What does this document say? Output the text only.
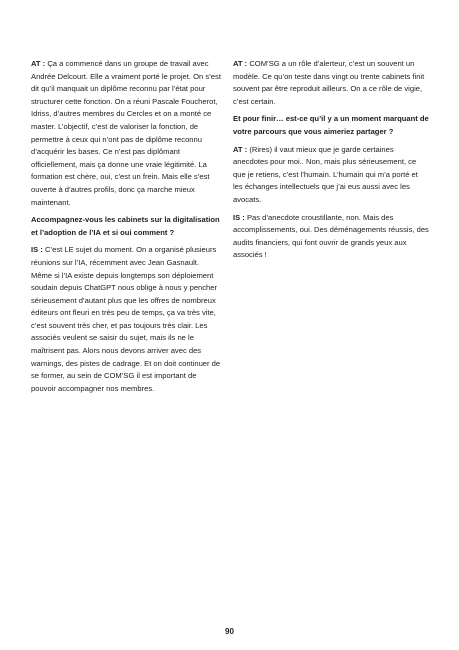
AT : Ça a commencé dans un groupe de travail avec Andrée Delcourt. Elle a vraiment porté le projet. On s’est dit qu’il manquait un diplôme reconnu par l’état pour structurer cette fonction. On a réuni Pascale Foucherot, Idriss, d’autres membres du Cercles et on a monté ce master. L’objectif, c’est de valoriser la fonction, de permettre à ceux qui n’ont pas de diplôme reconnu d’acquérir les bases. Ce n’est pas diplômant officiellement, mais ça donne une vraie légitimité. La formation est chère, oui, c’est un frein. Mais elle s’est ouverte à d’autres profils, donc ça marche mieux maintenant.

Accompagnez-vous les cabinets sur la digitalisation et l’adoption de l’IA et si oui comment ?

IS : C’est LE sujet du moment. On a organisé plusieurs réunions sur l’IA, récemment avec Jean Gasnault. Même si l’IA existe depuis longtemps son déploiement soudain depuis ChatGPT nous oblige à nous y pencher sérieusement d’autant plus que les offres de nombreux éditeurs ont fleuri en très peu de temps, ça va très vite, c’est souvent très cher, et pas toujours très clair. Les associés veulent se saisir du sujet, mais ils ne le maîtrisent pas. Alors nous devons arriver avec des warnings, des pistes de cadrage. Et on doit continuer de se former, au sein de COM’SG il est important de pouvoir accompagner nos membres.

AT : COM’SG a un rôle d’alerteur, c’est un souvent un modèle. Ce qu’on teste dans vingt ou trente cabinets finit souvent par être reproduit ailleurs. On a ce rôle de vigie, c’est certain.

Et pour finir… est-ce qu’il y a un moment marquant de votre parcours que vous aimeriez partager ?

AT : (Rires) il vaut mieux que je garde certaines anecdotes pour moi.. Non, mais plus sérieusement, ce que je retiens, c’est l’humain. L’humain qui m’a porté et les échanges intellectuels que j’ai eus aussi avec les avocats.

IS : Pas d’anecdote croustillante, non. Mais des accomplissements, oui. Des déménagements réussis, des audits financiers, qui font ouvrir de grands yeux aux associés !

90
